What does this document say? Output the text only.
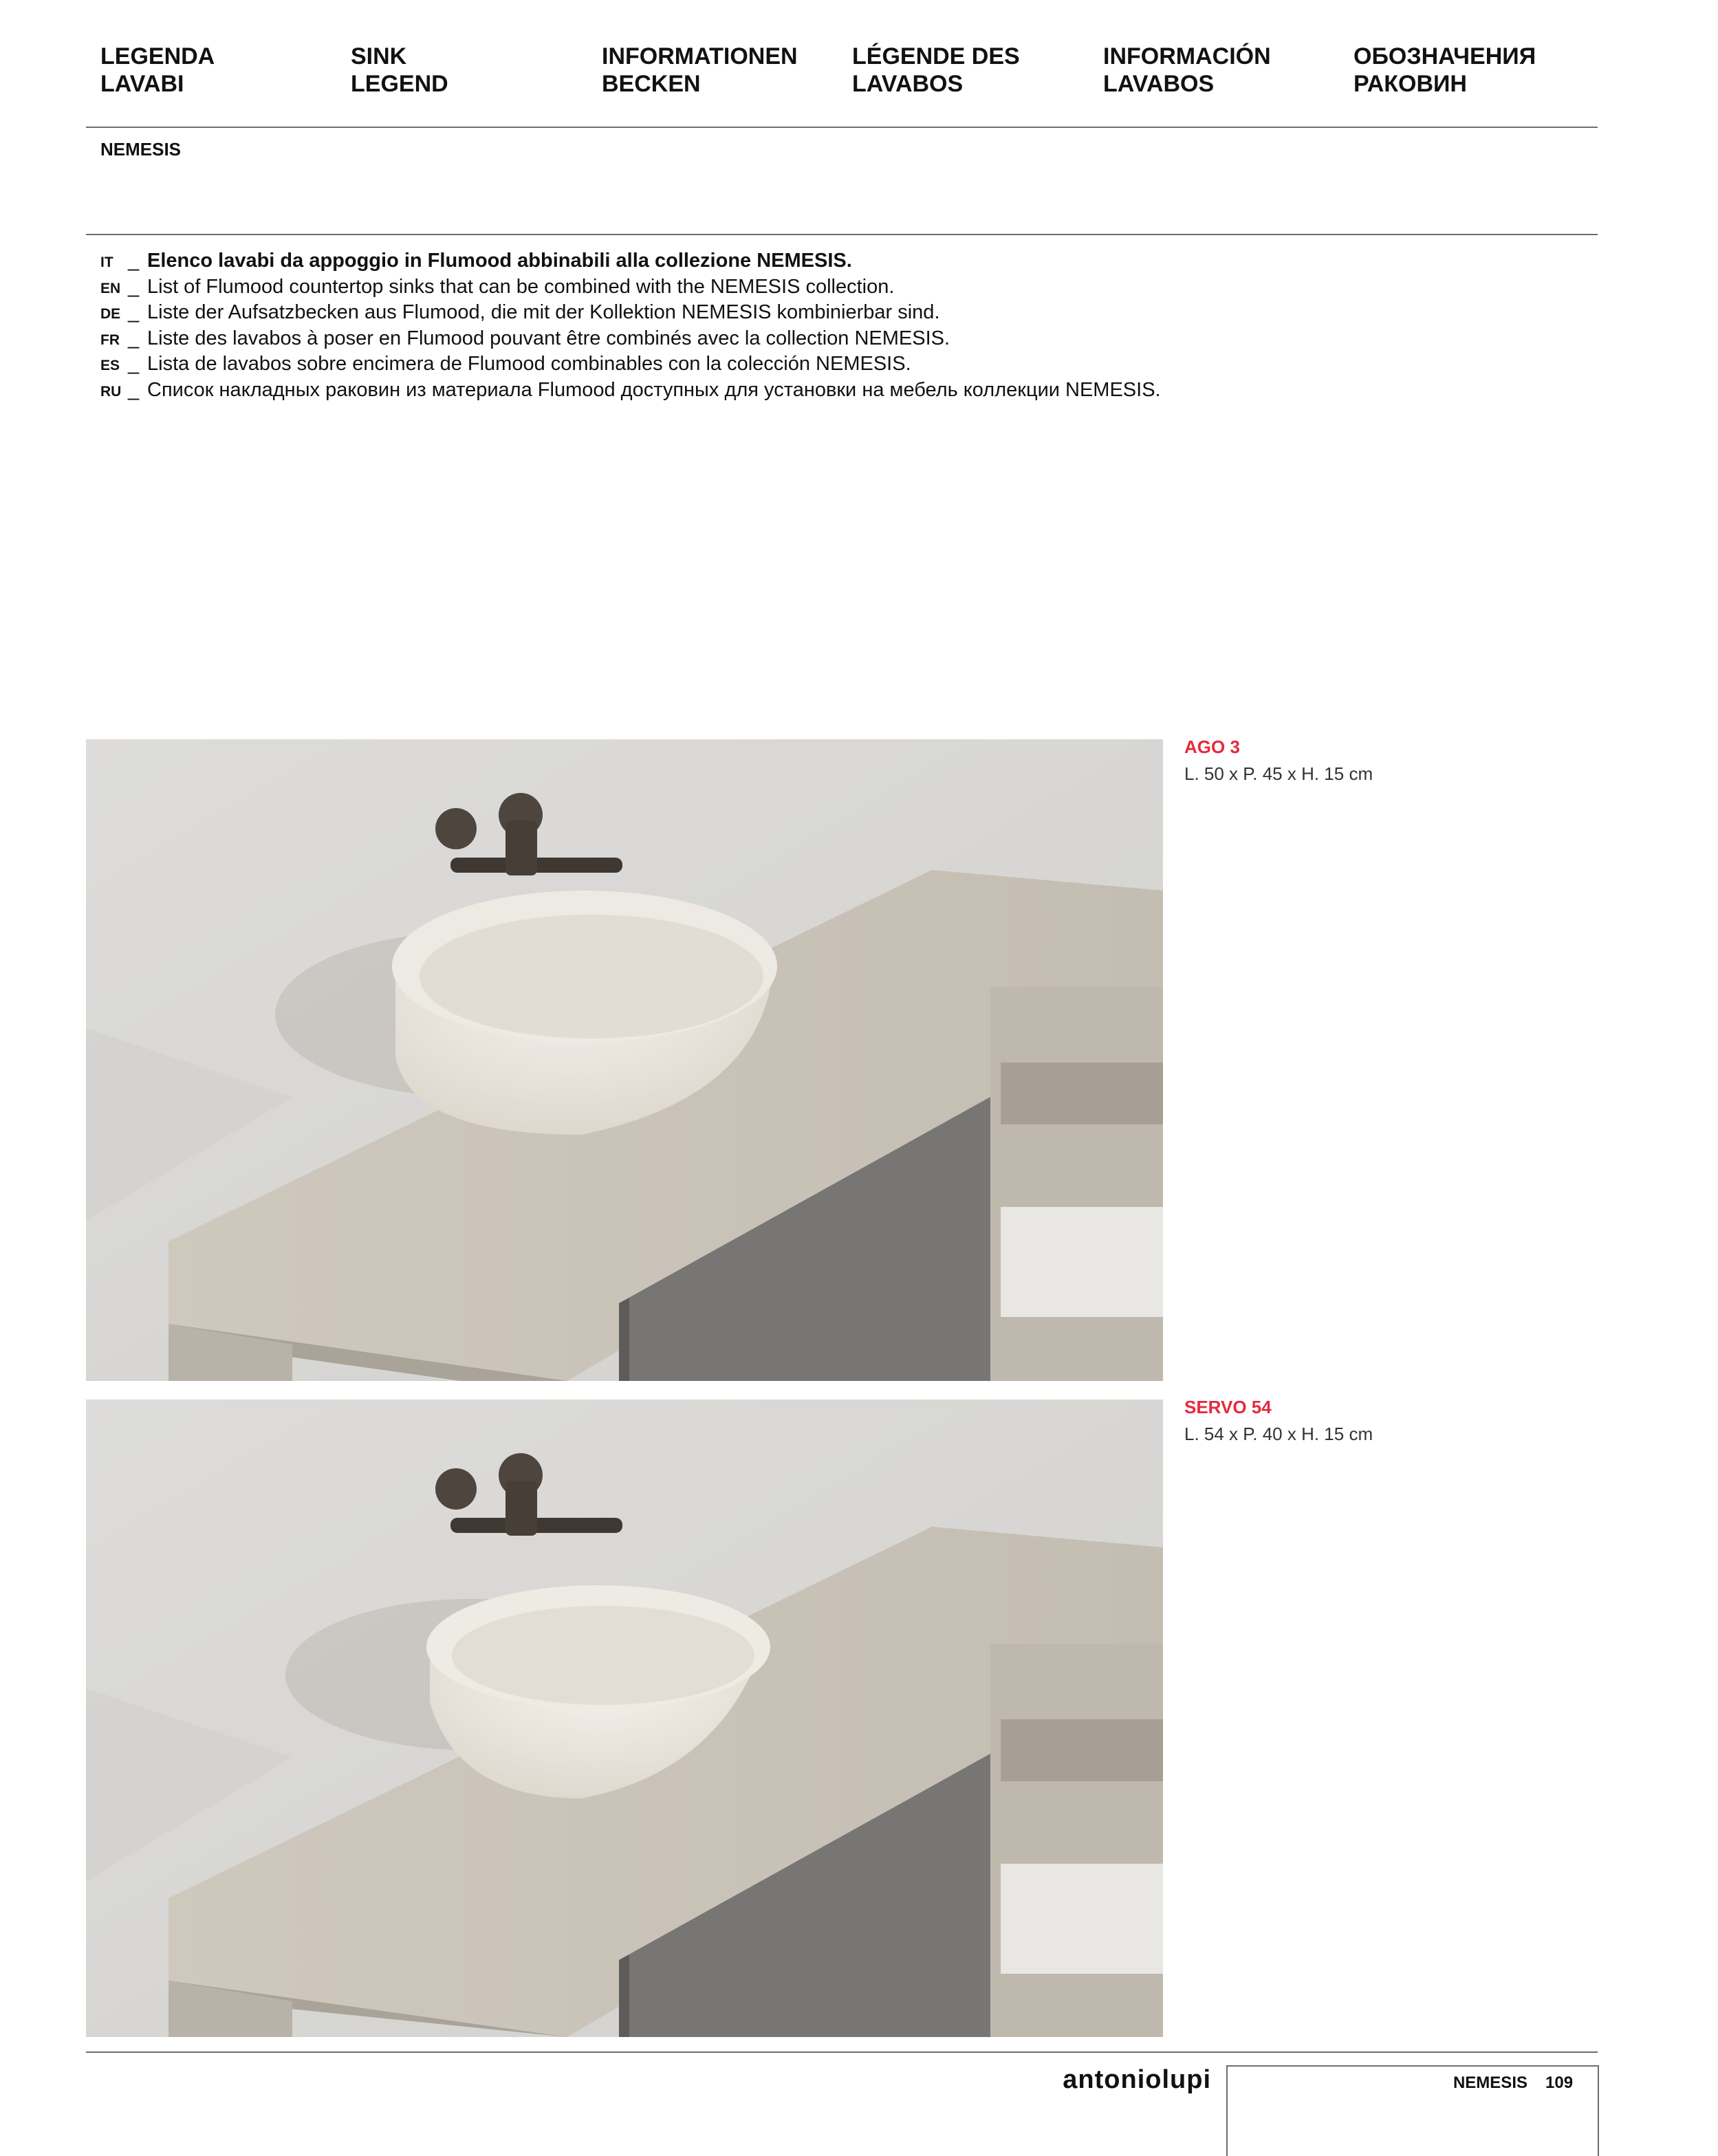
LEGENDA
LAVABI
SINK
LEGEND
INFORMATIONEN
BECKEN
LÉGENDE DES
LAVABOS
INFORMACIÓN
LAVABOS
ОБОЗНАЧЕНИЯ
РАКОВИН
NEMESIS
IT _ Elenco lavabi da appoggio in Flumood abbinabili alla collezione NEMESIS.
EN _ List of Flumood countertop sinks that can be combined with the NEMESIS collection.
DE _ Liste der Aufsatzbecken aus Flumood, die mit der Kollektion NEMESIS kombinierbar sind.
FR _ Liste des lavabos à poser en Flumood pouvant être combinés avec la collection NEMESIS.
ES _ Lista de lavabos sobre encimera de Flumood combinables con la colección NEMESIS.
RU _ Список накладных раковин из материала Flumood доступных для установки на мебель коллекции NEMESIS.
AGO 3
L. 50 x P. 45 x H. 15 cm
SERVO 54
L. 54 x P. 40 x H. 15 cm
antoniolupi	NEMESIS 109
